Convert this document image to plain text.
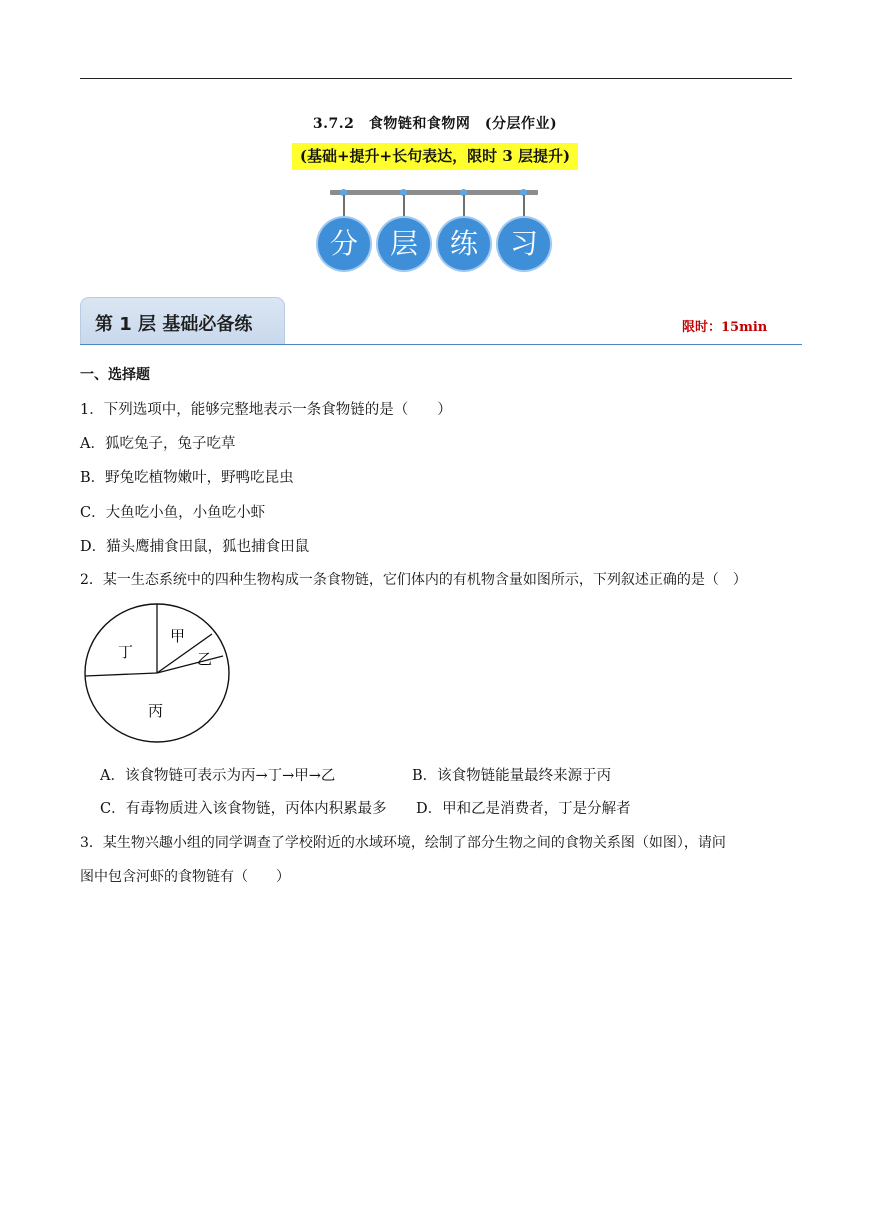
3.7.2　食物链和食物网　(分层作业)
(基础+提升+长句表达，限时 3 层提升)
分	层	练	习
第 1 层 基础必备练	限时：15min
一、选择题
1．下列选项中，能够完整地表示一条食物链的是（　　）
A．狐吃兔子，兔子吃草
B．野兔吃植物嫩叶，野鸭吃昆虫
C．大鱼吃小鱼，小鱼吃小虾
D．猫头鹰捕食田鼠，狐也捕食田鼠
2．某一生态系统中的四种生物构成一条食物链，它们体内的有机物含量如图所示，下列叙述正确的是（　）
甲
乙
丙
丁
A．该食物链可表示为丙→丁→甲→乙	B．该食物链能量最终来源于丙
C．有毒物质进入该食物链，丙体内积累最多 D．甲和乙是消费者，丁是分解者
3．某生物兴趣小组的同学调查了学校附近的水域环境，绘制了部分生物之间的食物关系图（如图），请问
图中包含河虾的食物链有（　　）
